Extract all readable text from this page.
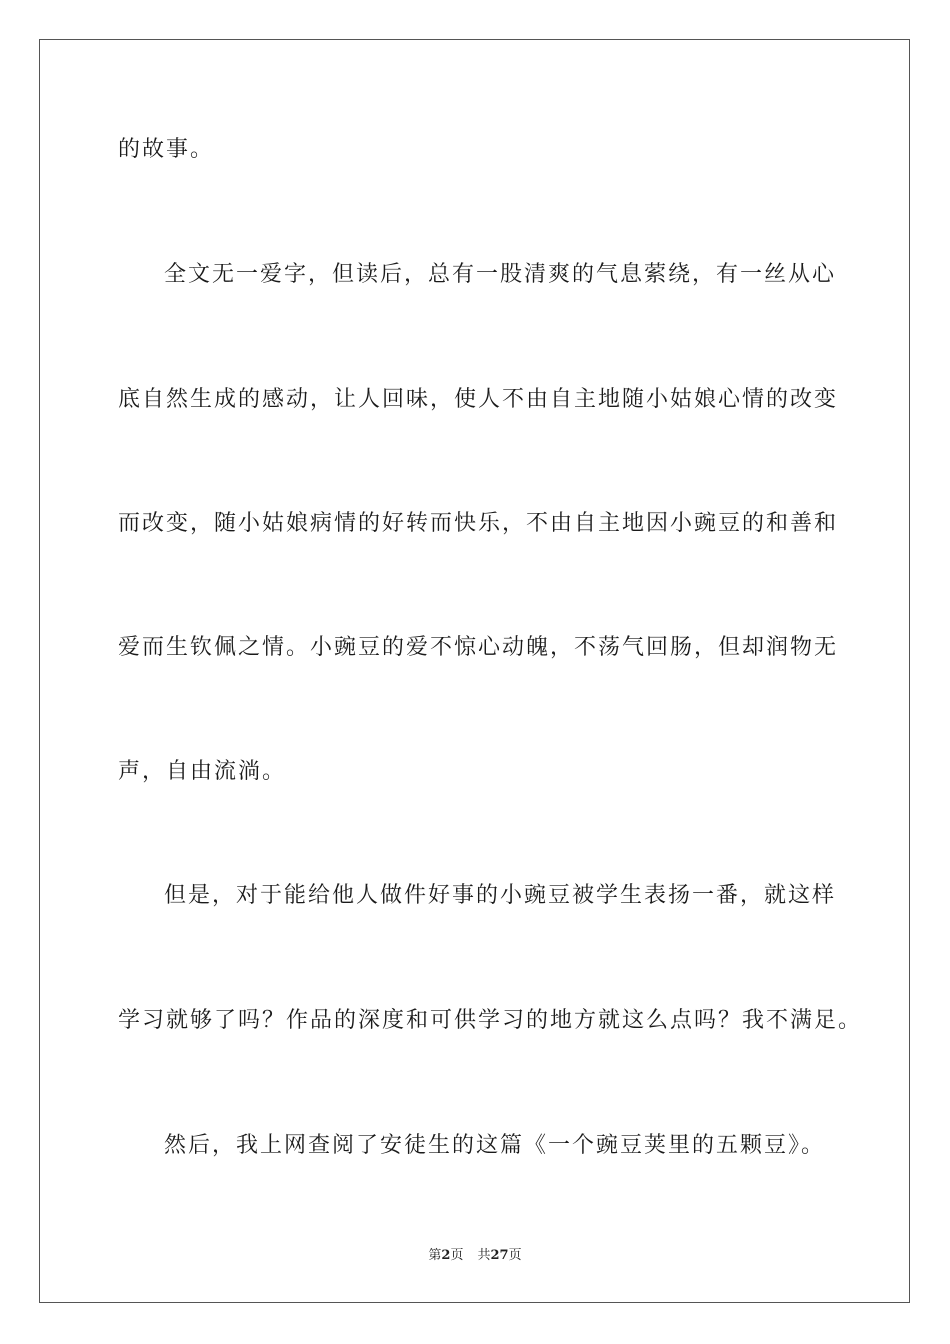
的故事。

全文无一爱字，但读后，总有一股清爽的气息萦绕，有一丝从心

底自然生成的感动，让人回味，使人不由自主地随小姑娘心情的改变

而改变，随小姑娘病情的好转而快乐，不由自主地因小豌豆的和善和

爱而生钦佩之情。小豌豆的爱不惊心动魄，不荡气回肠，但却润物无

声，自由流淌。

但是，对于能给他人做件好事的小豌豆被学生表扬一番，就这样

学习就够了吗？作品的深度和可供学习的地方就这么点吗？我不满足。

然后，我上网查阅了安徒生的这篇《一个豌豆荚里的五颗豆》。

第2页 共27页
